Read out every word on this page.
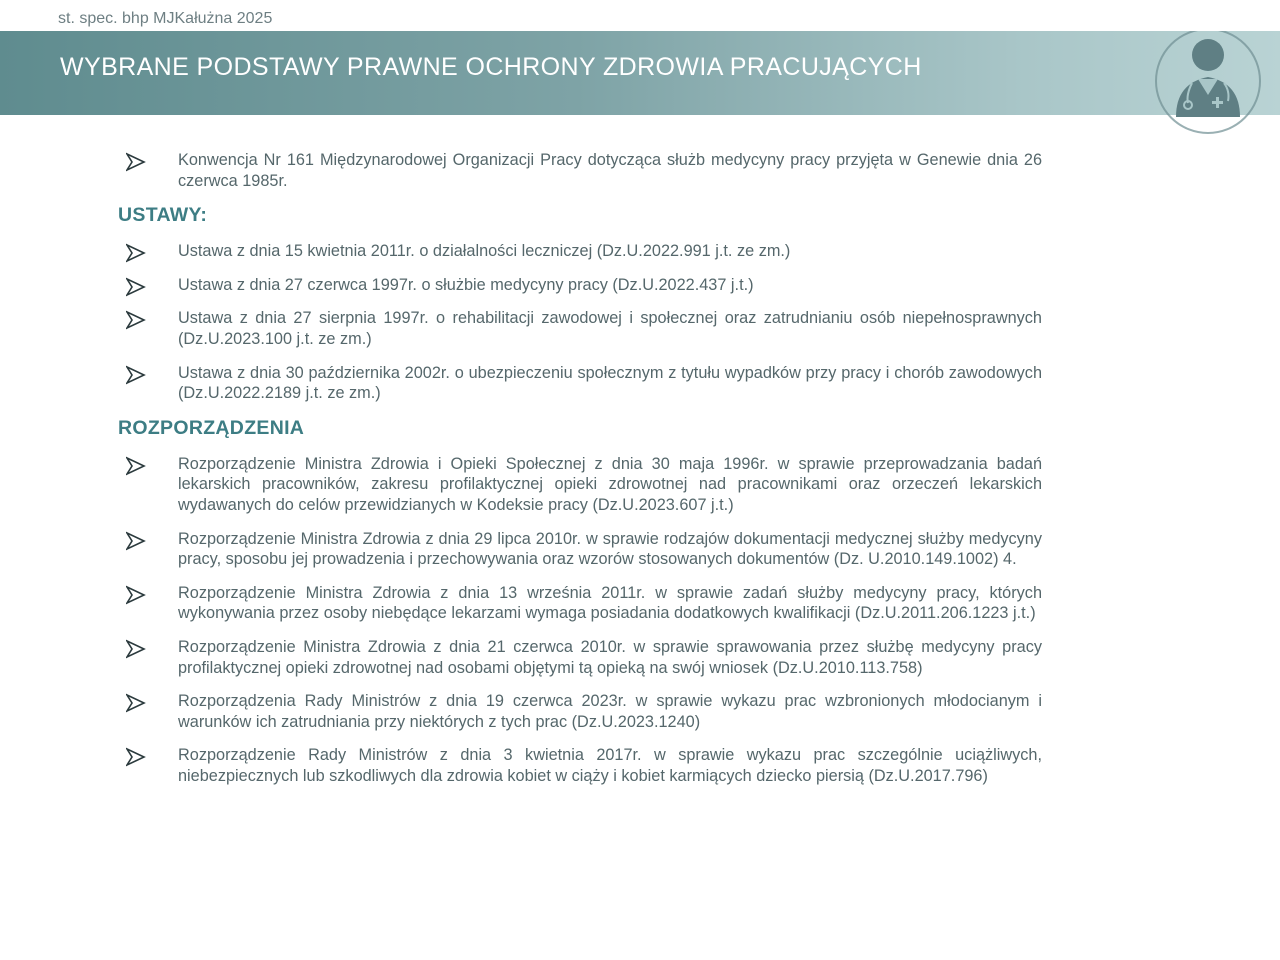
st. spec. bhp MJKałużna 2025
WYBRANE PODSTAWY PRAWNE OCHRONY ZDROWIA PRACUJĄCYCH
Konwencja Nr 161 Międzynarodowej Organizacji Pracy dotycząca służb medycyny pracy przyjęta w Genewie dnia 26 czerwca 1985r.
USTAWY:
Ustawa z dnia 15 kwietnia 2011r. o działalności leczniczej (Dz.U.2022.991 j.t. ze zm.)
Ustawa z dnia 27 czerwca 1997r. o służbie medycyny pracy (Dz.U.2022.437 j.t.)
Ustawa z dnia 27 sierpnia 1997r. o rehabilitacji zawodowej i społecznej oraz zatrudnianiu osób niepełnosprawnych (Dz.U.2023.100 j.t. ze zm.)
Ustawa z dnia 30 października 2002r. o ubezpieczeniu społecznym z tytułu wypadków przy pracy i chorób zawodowych (Dz.U.2022.2189 j.t. ze zm.)
ROZPORZĄDZENIA
Rozporządzenie Ministra Zdrowia i Opieki Społecznej z dnia 30 maja 1996r. w sprawie przeprowadzania badań lekarskich pracowników, zakresu profilaktycznej opieki zdrowotnej nad pracownikami oraz orzeczeń lekarskich wydawanych do celów przewidzianych w Kodeksie pracy (Dz.U.2023.607 j.t.)
Rozporządzenie Ministra Zdrowia z dnia 29 lipca 2010r. w sprawie rodzajów dokumentacji medycznej służby medycyny pracy, sposobu jej prowadzenia i przechowywania oraz wzorów stosowanych dokumentów (Dz. U.2010.149.1002) 4.
Rozporządzenie Ministra Zdrowia z dnia 13 września 2011r. w sprawie zadań służby medycyny pracy, których wykonywania przez osoby niebędące lekarzami wymaga posiadania dodatkowych kwalifikacji (Dz.U.2011.206.1223 j.t.)
Rozporządzenie Ministra Zdrowia z dnia 21 czerwca 2010r. w sprawie sprawowania przez służbę medycyny pracy profilaktycznej opieki zdrowotnej nad osobami objętymi tą opieką na swój wniosek (Dz.U.2010.113.758)
Rozporządzenia Rady Ministrów z dnia 19 czerwca 2023r. w sprawie wykazu prac wzbronionych młodocianym i warunków ich zatrudniania przy niektórych z tych prac (Dz.U.2023.1240)
Rozporządzenie Rady Ministrów z dnia 3 kwietnia 2017r. w sprawie wykazu prac szczególnie uciążliwych, niebezpiecznych lub szkodliwych dla zdrowia kobiet w ciąży i kobiet karmiących dziecko piersią (Dz.U.2017.796)
